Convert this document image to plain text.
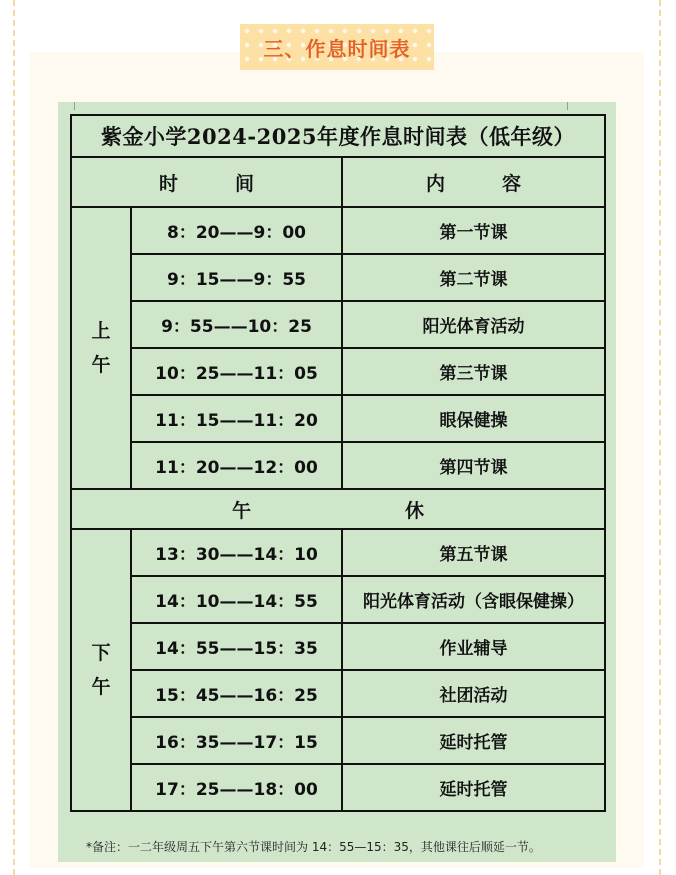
三、作息时间表
紫金小学2024-2025年度作息时间表（低年级）		
时　　　间		内　　　容

上
午	8：20——9：00	第一节课
	9：15——9：55	第二节课
	9：55——10：25	阳光体育活动
	10：25——11：05	第三节课
	11：15——11：20	眼保健操
	11：20——12：00	第四节课

午 休		

下
午	13：30——14：10	第五节课
	14：10——14：55	阳光体育活动（含眼保健操）
	14：55——15：35	作业辅导
	15：45——16：25	社团活动
	16：35——17：15	延时托管
	17：25——18：00	延时托管
*备注：一二年级周五下午第六节课时间为 14：55—15：35，其他课往后顺延一节。
